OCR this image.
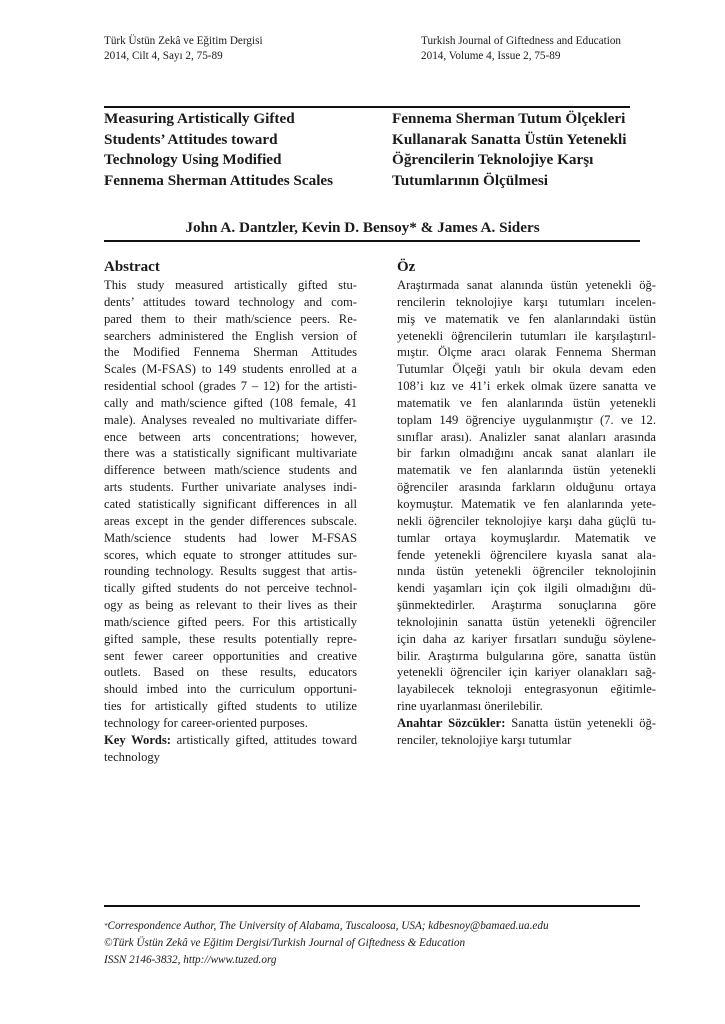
Türk Üstün Zekâ ve Eğitim Dergisi
2014, Cilt 4, Sayı 2, 75-89
Turkish Journal of Giftedness and Education
2014, Volume 4, Issue 2, 75-89
Measuring Artistically Gifted
Students’ Attitudes toward
Technology Using Modified
Fennema Sherman Attitudes Scales
Fennema Sherman Tutum Ölçekleri
Kullanarak Sanatta Üstün Yetenekli
Öğrencilerin Teknolojiye Karşı
Tutumlarının Ölçülmesi
John A. Dantzler, Kevin D. Bensoy* & James A. Siders
Abstract
This study measured artistically gifted stu-
dents’ attitudes toward technology and com-
pared them to their math/science peers. Re-
searchers administered the English version of
the Modified Fennema Sherman Attitudes
Scales (M-FSAS) to 149 students enrolled at a
residential school (grades 7 – 12) for the artisti-
cally and math/science gifted (108 female, 41
male). Analyses revealed no multivariate differ-
ence between arts concentrations; however,
there was a statistically significant multivariate
difference between math/science students and
arts students. Further univariate analyses indi-
cated statistically significant differences in all
areas except in the gender differences subscale.
Math/science students had lower M-FSAS
scores, which equate to stronger attitudes sur-
rounding technology. Results suggest that artis-
tically gifted students do not perceive technol-
ogy as being as relevant to their lives as their
math/science gifted peers. For this artistically
gifted sample, these results potentially repre-
sent fewer career opportunities and creative
outlets. Based on these results, educators
should imbed into the curriculum opportuni-
ties for artistically gifted students to utilize
technology for career-oriented purposes.
Key Words: artistically gifted, attitudes toward
technology
Öz
Araştırmada sanat alanında üstün yetenekli öğ-
rencilerin teknolojiye karşı tutumları incelen-
miş ve matematik ve fen alanlarındaki üstün
yetenekli öğrencilerin tutumları ile karşılaştırıl-
mıştır. Ölçme aracı olarak Fennema Sherman
Tutumlar Ölçeği yatılı bir okula devam eden
108’i kız ve 41’i erkek olmak üzere sanatta ve
matematik ve fen alanlarında üstün yetenekli
toplam 149 öğrenciye uygulanmıştır (7. ve 12.
sınıflar arası). Analizler sanat alanları arasında
bir farkın olmadığını ancak sanat alanları ile
matematik ve fen alanlarında üstün yetenekli
öğrenciler arasında farkların olduğunu ortaya
koymuştur. Matematik ve fen alanlarında yete-
nekli öğrenciler teknolojiye karşı daha güçlü tu-
tumlar ortaya koymuşlardır. Matematik ve
fende yetenekli öğrencilere kıyasla sanat ala-
nında üstün yetenekli öğrenciler teknolojinin
kendi yaşamları için çok ilgili olmadığını dü-
şünmektedirler. Araştırma sonuçlarına göre
teknolojinin sanatta üstün yetenekli öğrenciler
için daha az kariyer fırsatları sunduğu söylene-
bilir. Araştırma bulgularına göre, sanatta üstün
yetenekli öğrenciler için kariyer olanakları sağ-
layabilecek teknoloji entegrasyonun eğitimle-
rine uyarlanması önerilebilir.
Anahtar Sözcükler: Sanatta üstün yetenekli öğ-
renciler, teknolojiye karşı tutumlar
*Correspondence Author, The University of Alabama, Tuscaloosa, USA; kdbesnoy@bamaed.ua.edu
©Türk Üstün Zekâ ve Eğitim Dergisi/Turkish Journal of Giftedness & Education
ISSN 2146-3832, http://www.tuzed.org
